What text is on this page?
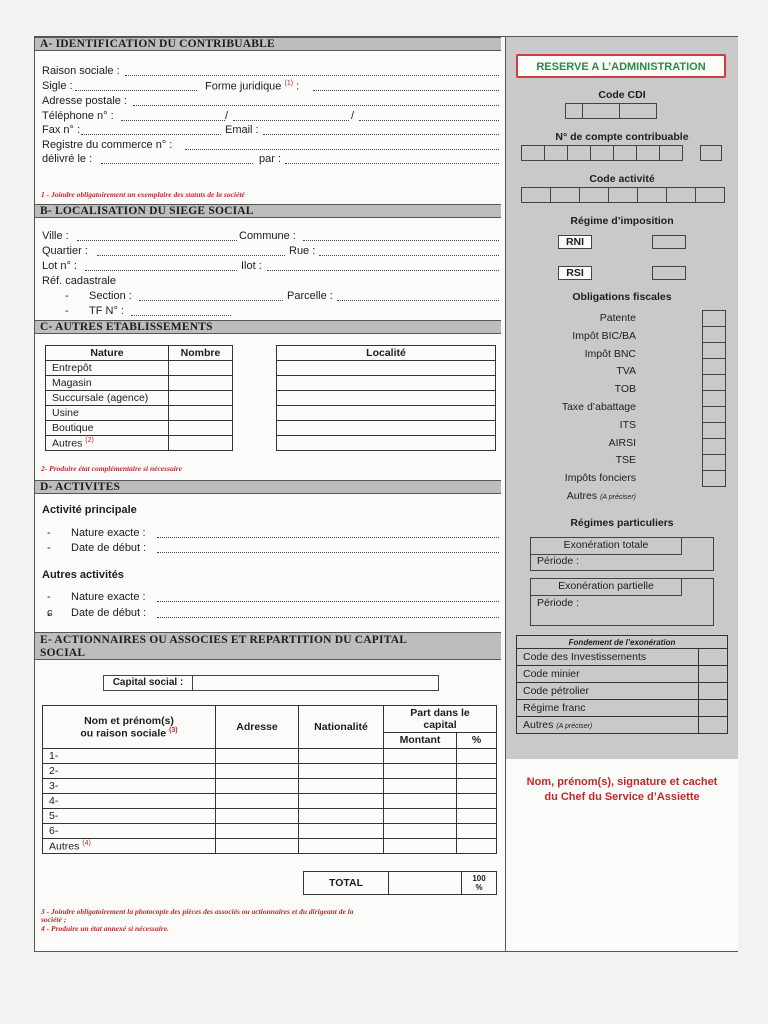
A- IDENTIFICATION DU CONTRIBUABLE
Raison sociale :
Sigle :	Forme juridique $^{(1)}$ :
Adresse postale :
Téléphone n° :	/	/
Fax n° :	Email :
Registre du commerce n° :
délivré le :	par :
1 - Joindre obligatoirement un exemplaire des statuts de la société
B- LOCALISATION DU SIEGE SOCIAL
Ville :	Commune :
Quartier :	Rue :
Lot n° :	Ilot :
Réf. cadastrale
- Section :	Parcelle :
- TF N° :
C- AUTRES ETABLISSEMENTS
Nature	Nombre
Entrepôt	
Magasin	
Succursale (agence)	
Usine	
Boutique	
Autres $^{(2)}$	
Localité

2- Produire état complémentaire si nécessaire
D- ACTIVITES
Activité principale
- Nature exacte :
- Date de début :
Autres activités
- Nature exacte :
ɕ Date de début :
E- ACTIONNAIRES OU ASSOCIES ET REPARTITION DU CAPITAL
SOCIAL
Capital social :
Nom et prénom(s)
ou raison sociale $^{(3)}$	Adresse	Nationalité	Part dans le
capital	
			Montant	%
1-				
2-				
3-				
4-				
5-				
6-				
Autres $^{(4)}$				
TOTAL		100
%
3 - Joindre obligatoirement la photocopie des pièces des associés ou actionnaires et du dirigeant de la
société ;
4 - Produire un état annexé si nécessaire.
RESERVE A L’ADMINISTRATION
Code CDI
N° de compte contribuable
Code activité
Régime d’imposition
RNI
RSI
Obligations fiscales
Patente
Impôt BIC/BA
Impôt BNC
TVA
TOB
Taxe d’abattage
ITS
AIRSI
TSE
Impôts fonciers
Autres (A préciser)
Régimes particuliers
Exonération totale
Période :
Exonération partielle
Période :
Fondement de l’exonération	
Code des Investissements	
Code minier	
Code pétrolier	
Régime franc	
Autres (A préciser)	
Nom, prénom(s), signature et cachet
du Chef du Service d’Assiette
